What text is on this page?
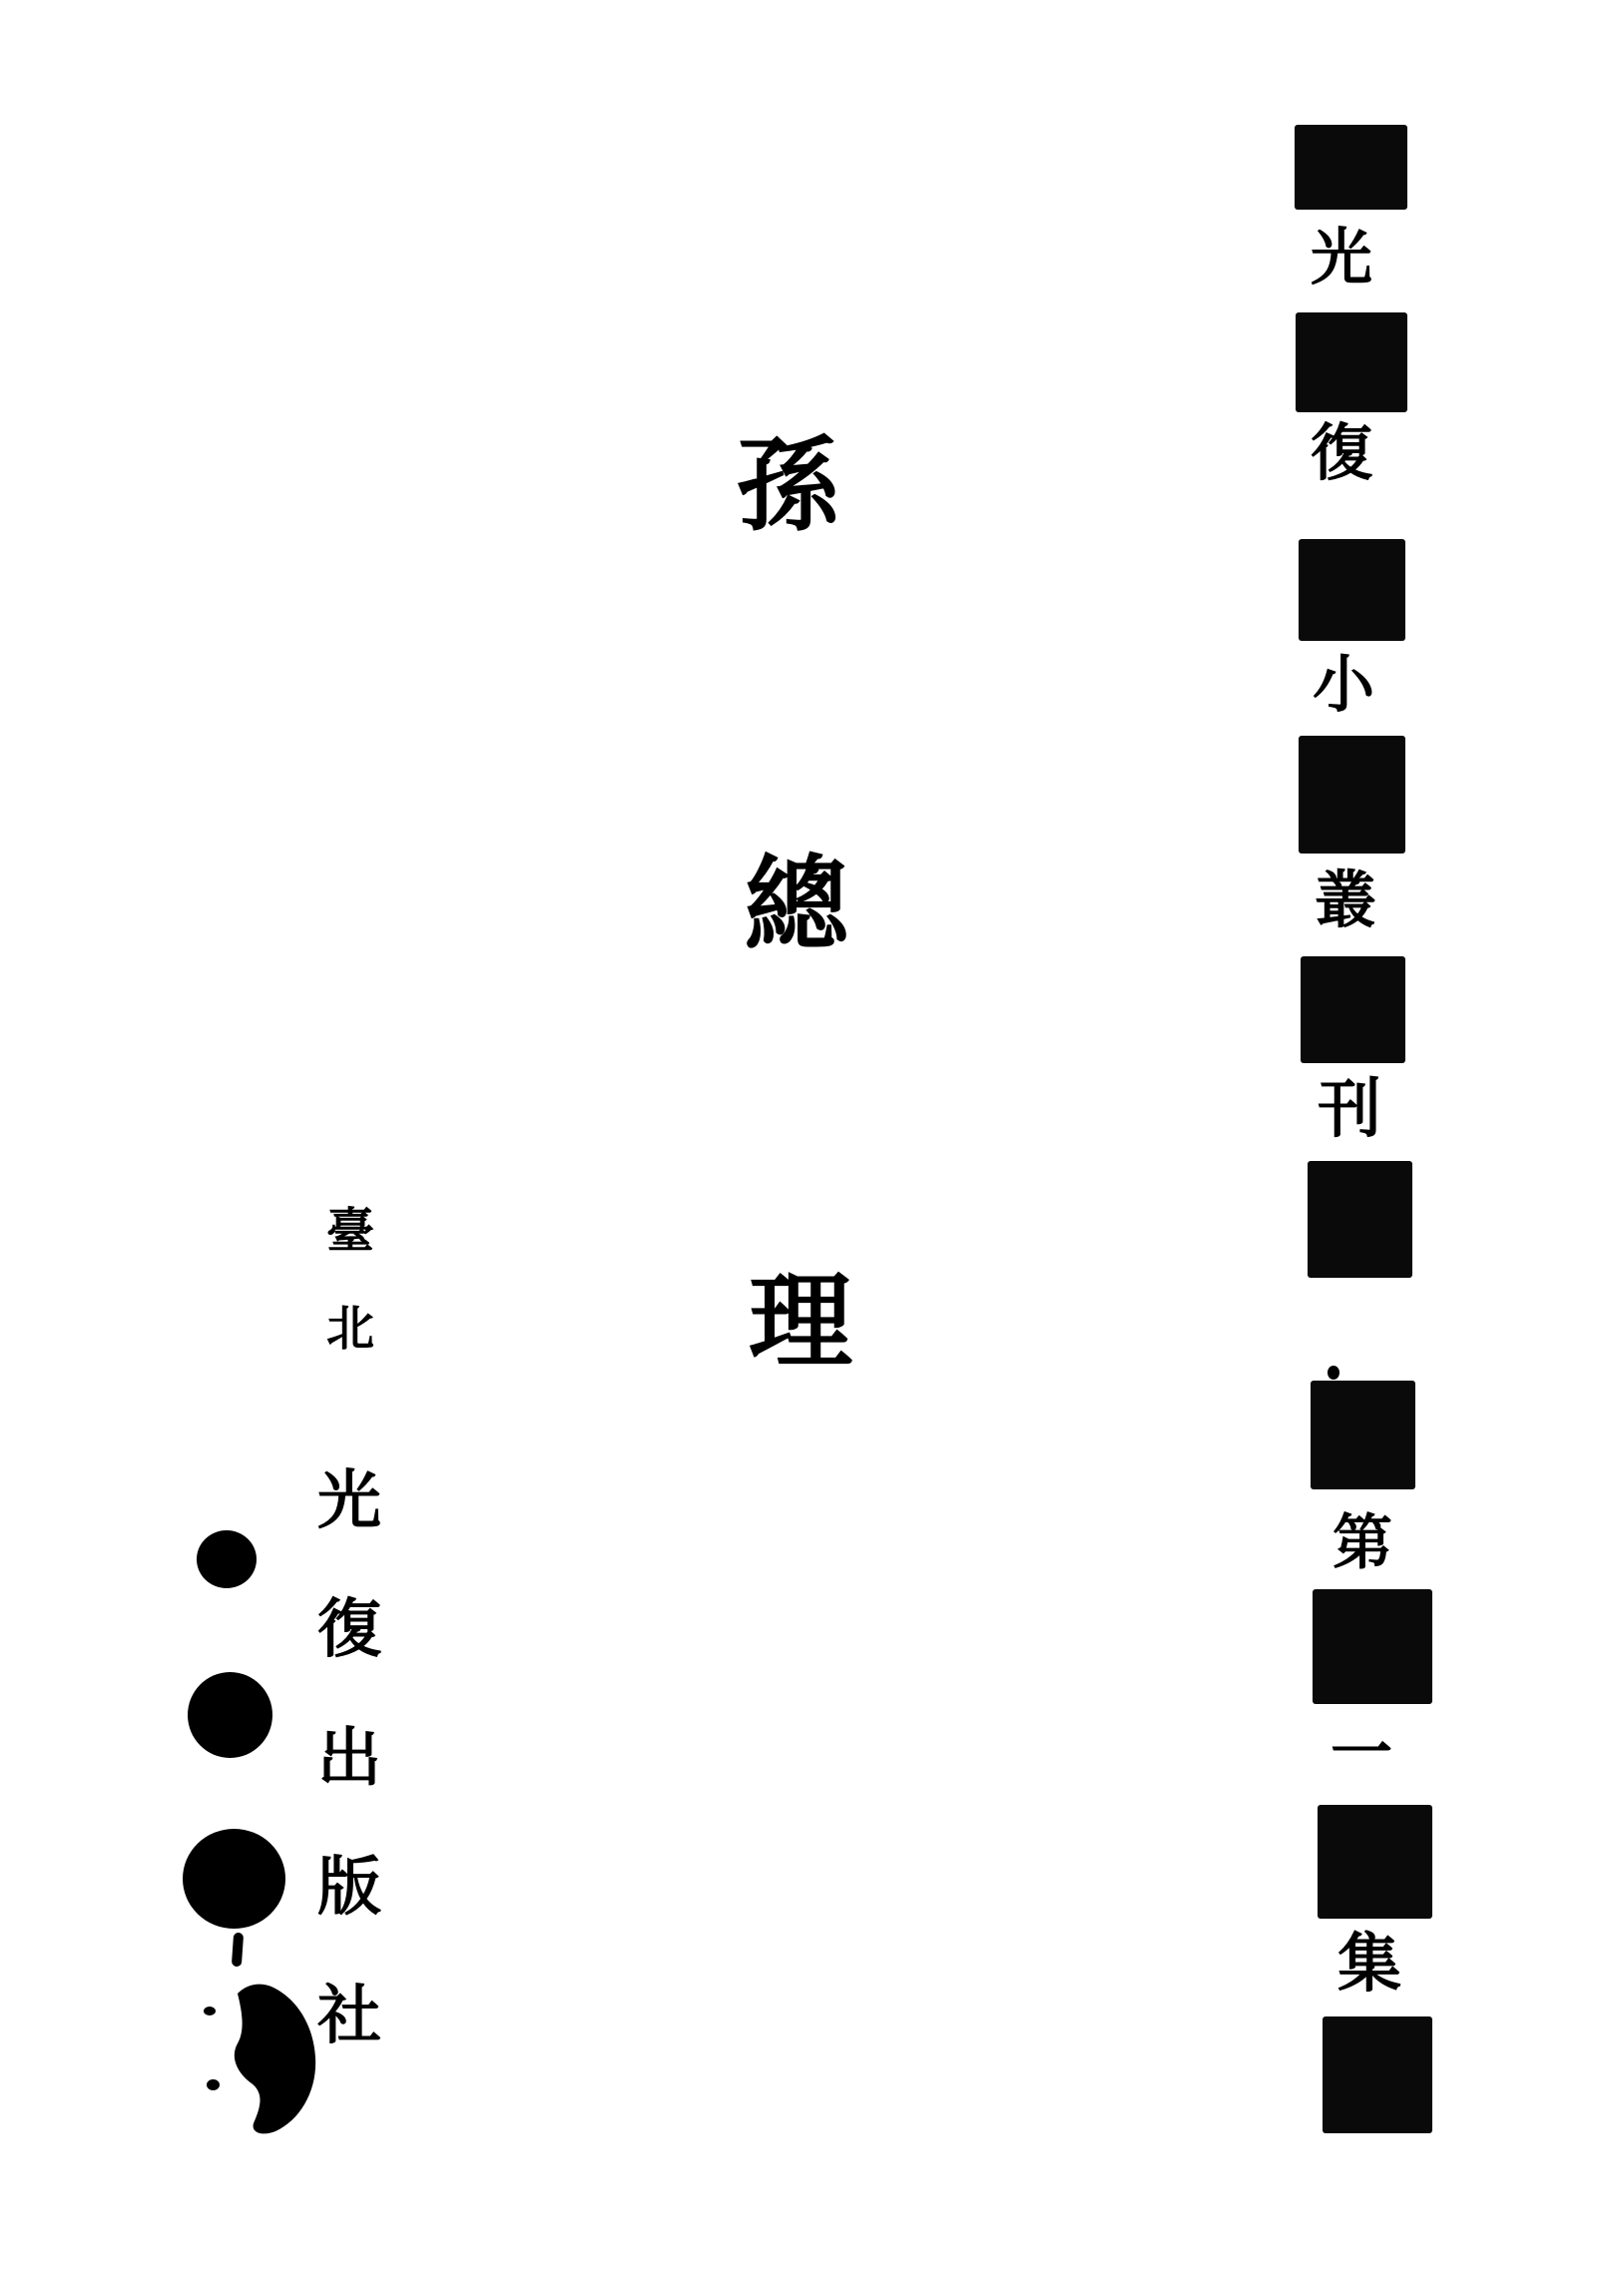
光
復
小
叢
刊
第
一
集
孫
總
理
臺
北
光
復
出
版
社
